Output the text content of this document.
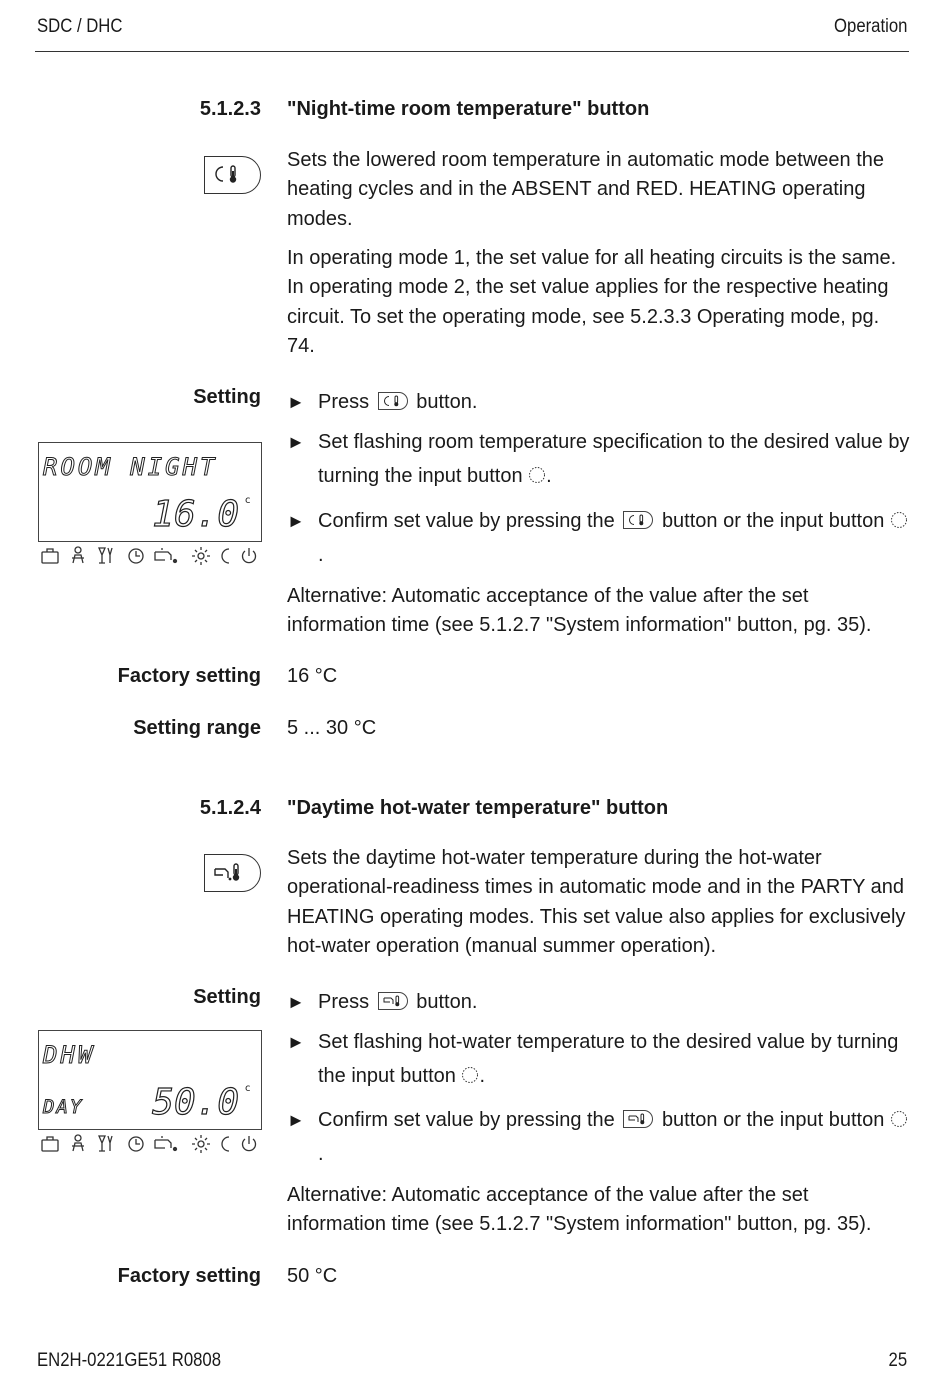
SDC / DHC	Operation
5.1.2.3 "Night-time room temperature" button

Sets the lowered room temperature in automatic mode between the heating cycles and in the ABSENT and RED. HEATING operating modes.

In operating mode 1, the set value for all heating circuits is the same. In operating mode 2, the set value applies for the respective heating circuit. To set the operating mode, see 5.2.3.3 Operating mode, pg. 74.

Setting ► Press button.
► Set flashing room temperature specification to the desired value by turning the input button .
► Confirm set value by pressing the button or the input button .
ROOM NIGHT
16.0 c

Alternative: Automatic acceptance of the value after the set information time (see 5.1.2.7 "System information" button, pg. 35).

Factory setting 16 °C
Setting range 5 ... 30 °C
5.1.2.4 "Daytime hot-water temperature" button

Sets the daytime hot-water temperature during the hot-water operational-readiness times in automatic mode and in the PARTY and HEATING operating modes. This set value also applies for exclusively hot-water operation (manual summer operation).

Setting ► Press button.
► Set flashing hot-water temperature to the desired value by turning the input button .
► Confirm set value by pressing the button or the input button .
DHW
DAY 50.0 c

Alternative: Automatic acceptance of the value after the set information time (see 5.1.2.7 "System information" button, pg. 35).

Factory setting 50 °C
EN2H-0221GE51 R0808	25
